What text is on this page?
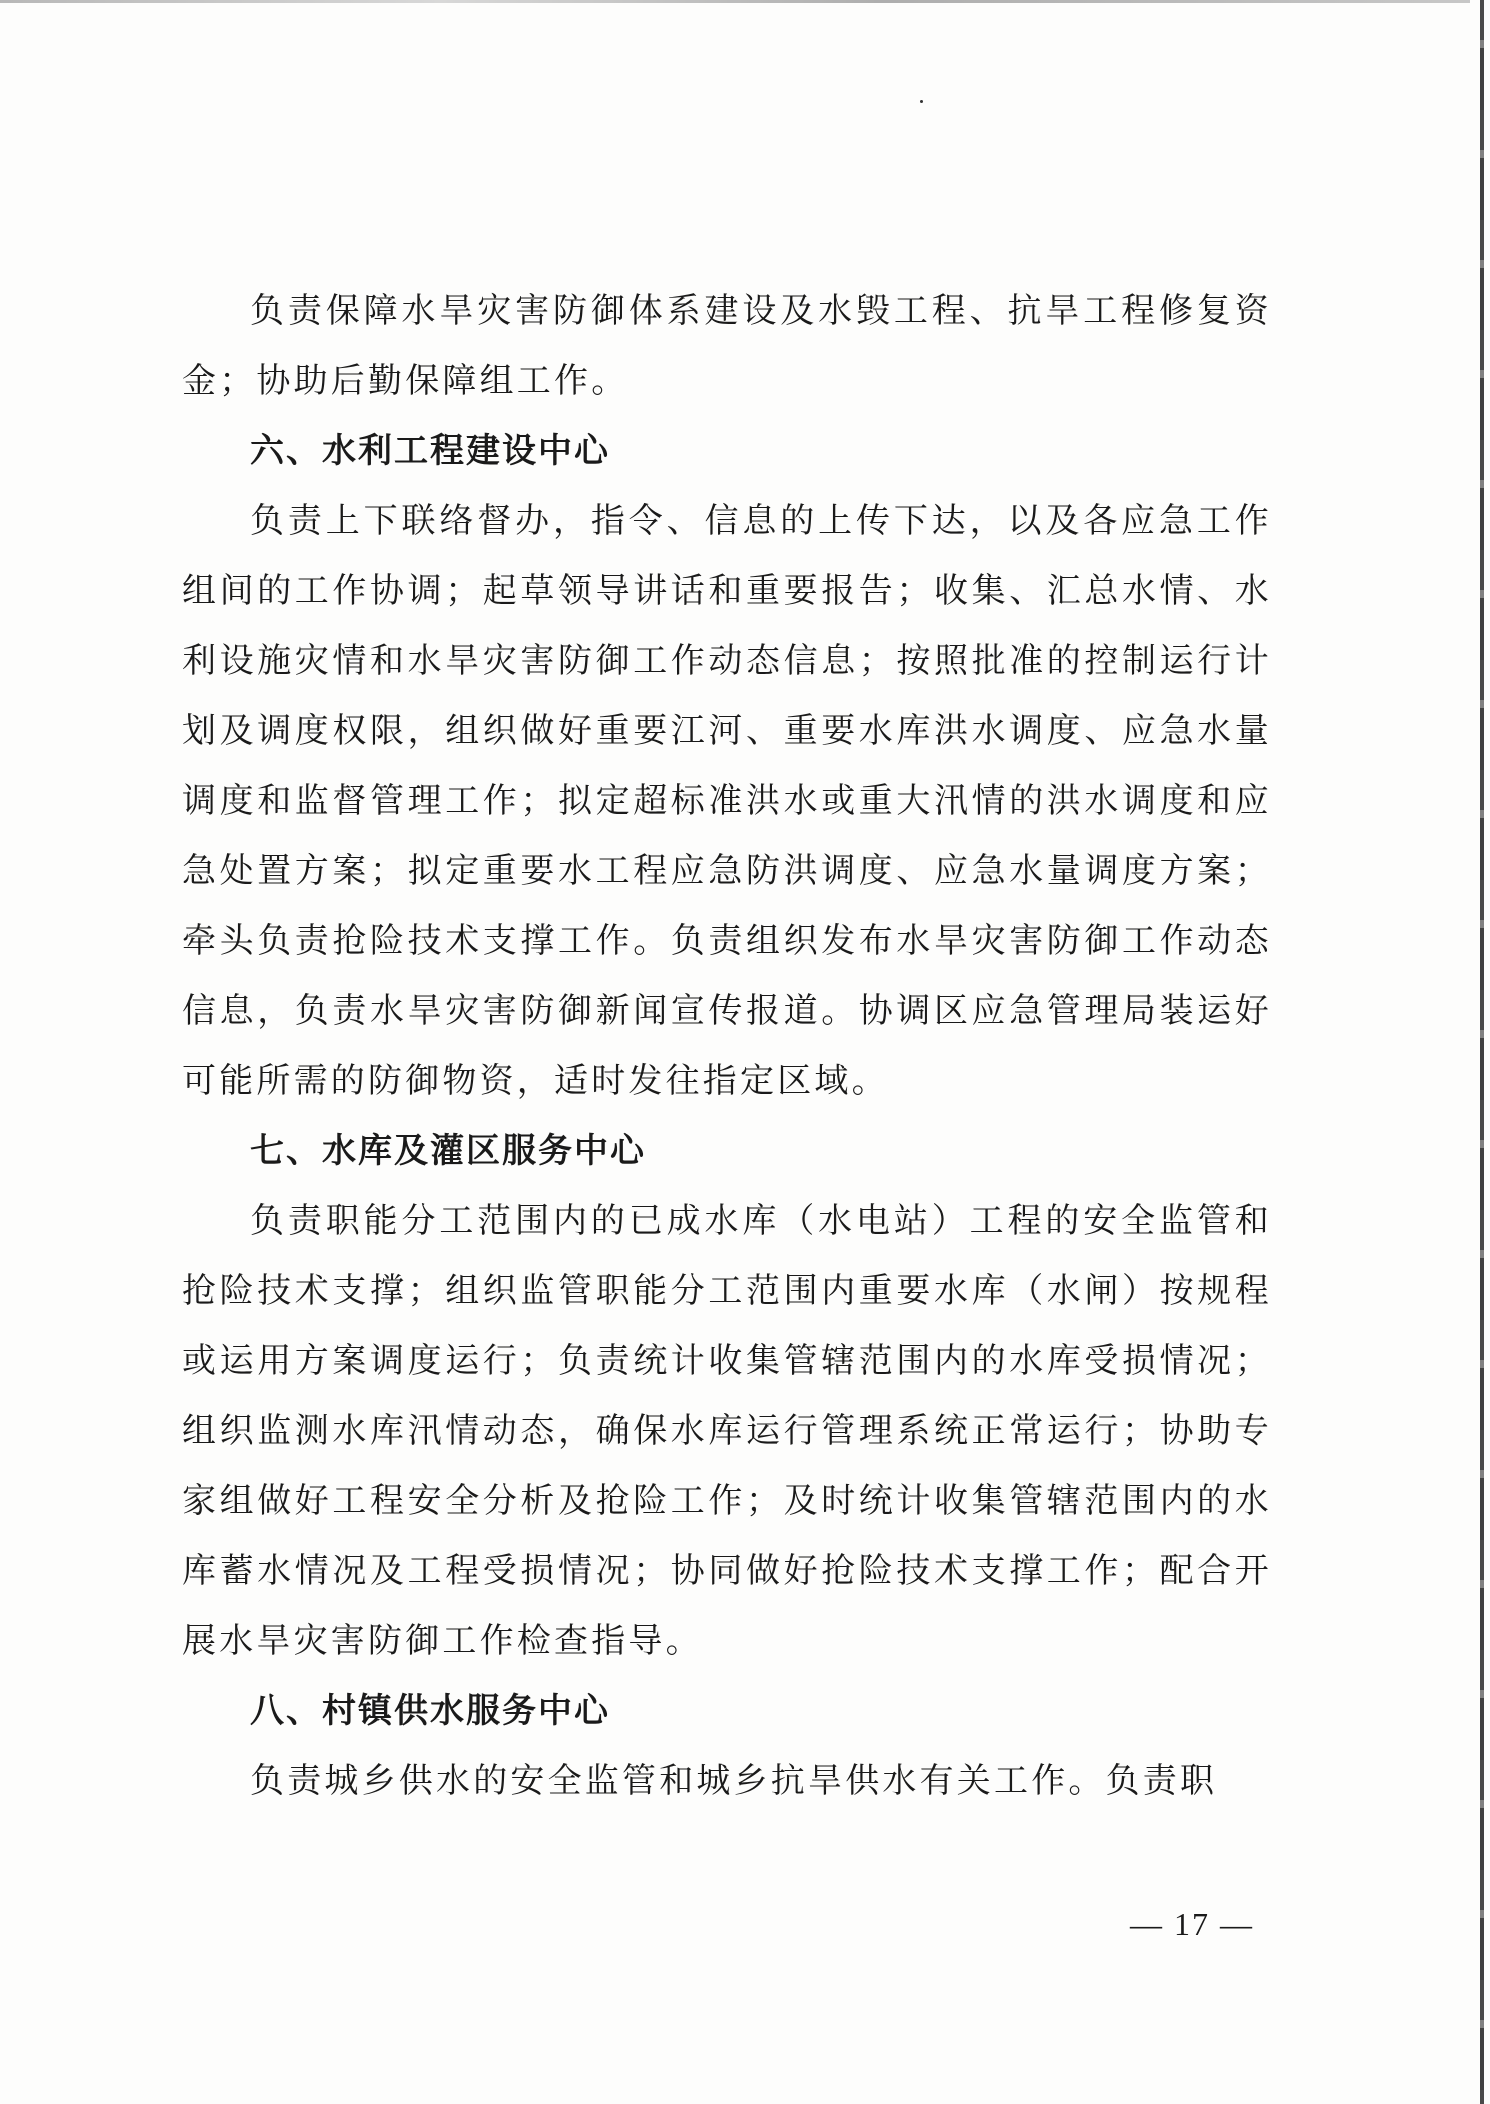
负责保障水旱灾害防御体系建设及水毁工程、抗旱工程修复资金；协助后勤保障组工作。

六、水利工程建设中心

负责上下联络督办，指令、信息的上传下达，以及各应急工作组间的工作协调；起草领导讲话和重要报告；收集、汇总水情、水利设施灾情和水旱灾害防御工作动态信息；按照批准的控制运行计划及调度权限，组织做好重要江河、重要水库洪水调度、应急水量调度和监督管理工作；拟定超标准洪水或重大汛情的洪水调度和应急处置方案；拟定重要水工程应急防洪调度、应急水量调度方案；牵头负责抢险技术支撑工作。负责组织发布水旱灾害防御工作动态信息，负责水旱灾害防御新闻宣传报道。协调区应急管理局装运好可能所需的防御物资，适时发往指定区域。

七、水库及灌区服务中心

负责职能分工范围内的已成水库（水电站）工程的安全监管和抢险技术支撑；组织监管职能分工范围内重要水库（水闸）按规程或运用方案调度运行；负责统计收集管辖范围内的水库受损情况；组织监测水库汛情动态，确保水库运行管理系统正常运行；协助专家组做好工程安全分析及抢险工作；及时统计收集管辖范围内的水库蓄水情况及工程受损情况；协同做好抢险技术支撑工作；配合开展水旱灾害防御工作检查指导。

八、村镇供水服务中心

负责城乡供水的安全监管和城乡抗旱供水有关工作。负责职

— 17 —
